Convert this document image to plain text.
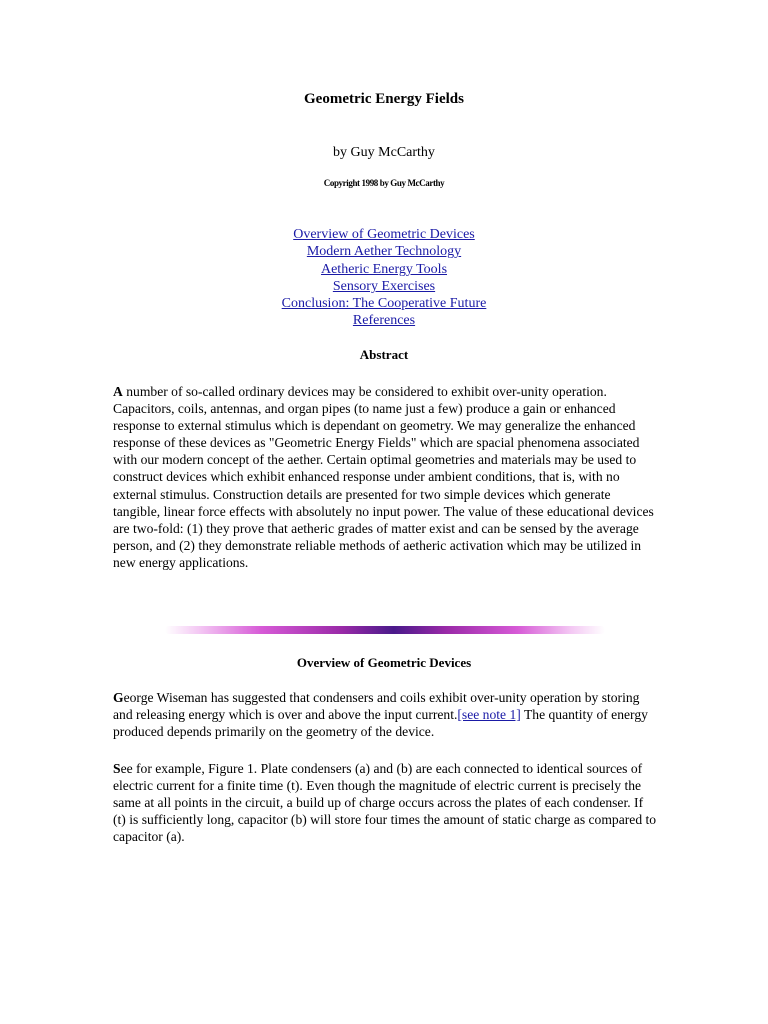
Geometric Energy Fields
by Guy McCarthy
Copyright 1998 by Guy McCarthy
Overview of Geometric Devices
Modern Aether Technology
Aetheric Energy Tools
Sensory Exercises
Conclusion: The Cooperative Future
References
Abstract

A number of so-called ordinary devices may be considered to exhibit over-unity operation. Capacitors, coils, antennas, and organ pipes (to name just a few) produce a gain or enhanced response to external stimulus which is dependant on geometry. We may generalize the enhanced response of these devices as "Geometric Energy Fields" which are spacial phenomena associated with our modern concept of the aether. Certain optimal geometries and materials may be used to construct devices which exhibit enhanced response under ambient conditions, that is, with no external stimulus. Construction details are presented for two simple devices which generate tangible, linear force effects with absolutely no input power. The value of these educational devices are two-fold: (1) they prove that aetheric grades of matter exist and can be sensed by the average person, and (2) they demonstrate reliable methods of aetheric activation which may be utilized in new energy applications.

Overview of Geometric Devices

George Wiseman has suggested that condensers and coils exhibit over-unity operation by storing and releasing energy which is over and above the input current.[see note 1] The quantity of energy produced depends primarily on the geometry of the device.

See for example, Figure 1. Plate condensers (a) and (b) are each connected to identical sources of electric current for a finite time (t). Even though the magnitude of electric current is precisely the same at all points in the circuit, a build up of charge occurs across the plates of each condenser. If (t) is sufficiently long, capacitor (b) will store four times the amount of static charge as compared to capacitor (a).
